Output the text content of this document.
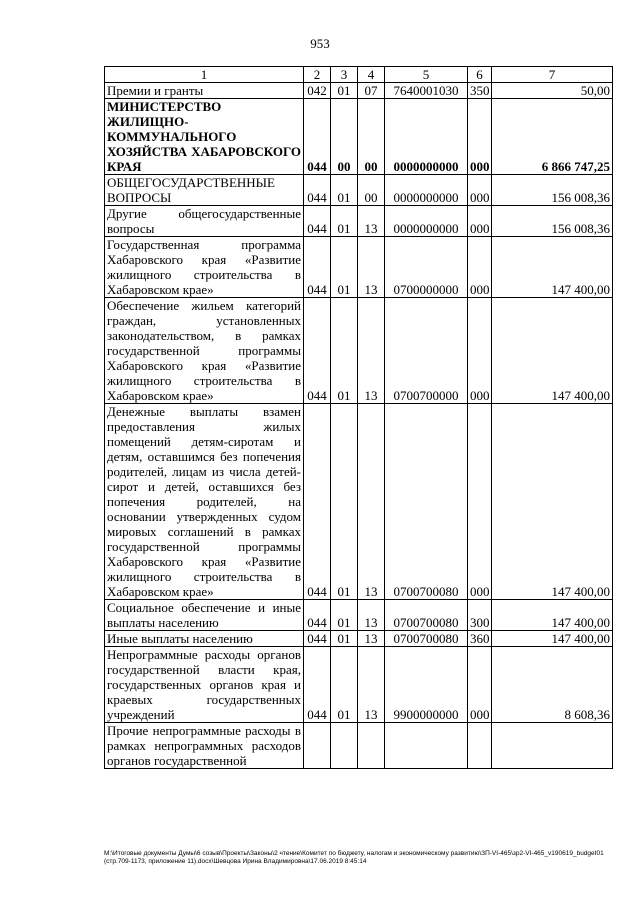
953
1	2	3	4	5	6	7
Премии и гранты	042	01	07	7640001030	350	50,00
МИНИСТЕРСТВО ЖИЛИЩНО-КОММУНАЛЬНОГО ХОЗЯЙСТВА ХАБАРОВСКОГО КРАЯ	044	00	00	0000000000	000	6 866 747,25
ОБЩЕГОСУДАРСТВЕННЫЕ ВОПРОСЫ	044	01	00	0000000000	000	156 008,36
Другие общегосударственные вопросы	044	01	13	0000000000	000	156 008,36
Государственная программа Хабаровского края «Развитие жилищного строительства в Хабаровском крае»	044	01	13	0700000000	000	147 400,00
Обеспечение жильем категорий граждан, установленных законодательством, в рамках государственной программы Хабаровского края «Развитие жилищного строительства в Хабаровском крае»	044	01	13	0700700000	000	147 400,00
Денежные выплаты взамен предоставления жилых помещений детям-сиротам и детям, оставшимся без попечения родителей, лицам из числа детей-сирот и детей, оставшихся без попечения родителей, на основании утвержденных судом мировых соглашений в рамках государственной программы Хабаровского края «Развитие жилищного строительства в Хабаровском крае»	044	01	13	0700700080	000	147 400,00
Социальное обеспечение и иные выплаты населению	044	01	13	0700700080	300	147 400,00
Иные выплаты населению	044	01	13	0700700080	360	147 400,00
Непрограммные расходы органов государственной власти края, государственных органов края и краевых государственных учреждений	044	01	13	9900000000	000	8 608,36
Прочие непрограммные расходы в рамках непрограммных расходов органов государственной						
М:\Итоговые документы Думы\6 созыв\Проекты\Законы\2 чтение\Комитет по бюджету, налогам и экономическому развитию\ЗП-VI-465\зр2-VI-465_v190619_budget01 (стр.709-1173, приложение 11).docx\Шевцова Ирина Владимировна\17.06.2019 8:45:14
